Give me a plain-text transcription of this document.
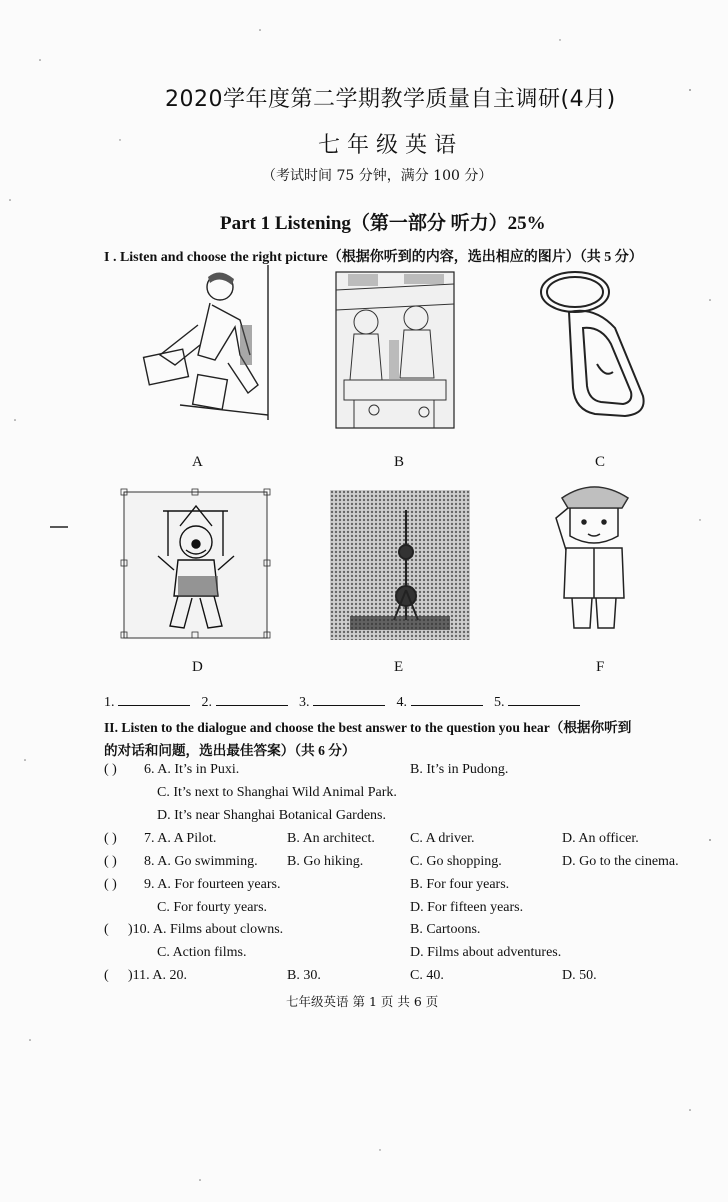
2020学年度第二学期教学质量自主调研(4月)
七 年 级 英 语
（考试时间 75 分钟，满分 100 分）
Part 1 Listening（第一部分 听力）25%
I . Listen and choose the right picture（根据你听到的内容，选出相应的图片）（共 5 分）
A	B	C
D	E	F
1.	2.	3.	4.	5.
II. Listen to the dialogue and choose the best answer to the question you hear（根据你听到
的对话和问题，选出最佳答案）（共 6 分）
( ) 6. A. It’s in Puxi.	B. It’s in Pudong.
C. It’s next to Shanghai Wild Animal Park.
D. It’s near Shanghai Botanical Gardens.
( ) 7. A. A Pilot.	B. An architect.	C. A driver.	D. An officer.
( ) 8. A. Go swimming. B. Go hiking.	C. Go shopping.	D. Go to the cinema.
( ) 9. A. For fourteen years.	B. For four years.
C. For fourty years.	D. For fifteen years.
( )10. A. Films about clowns.	B. Cartoons.
C. Action films.	D. Films about adventures.
( )11. A. 20.	B. 30.	C. 40.	D. 50.
七年级英语 第 1 页 共 6 页
